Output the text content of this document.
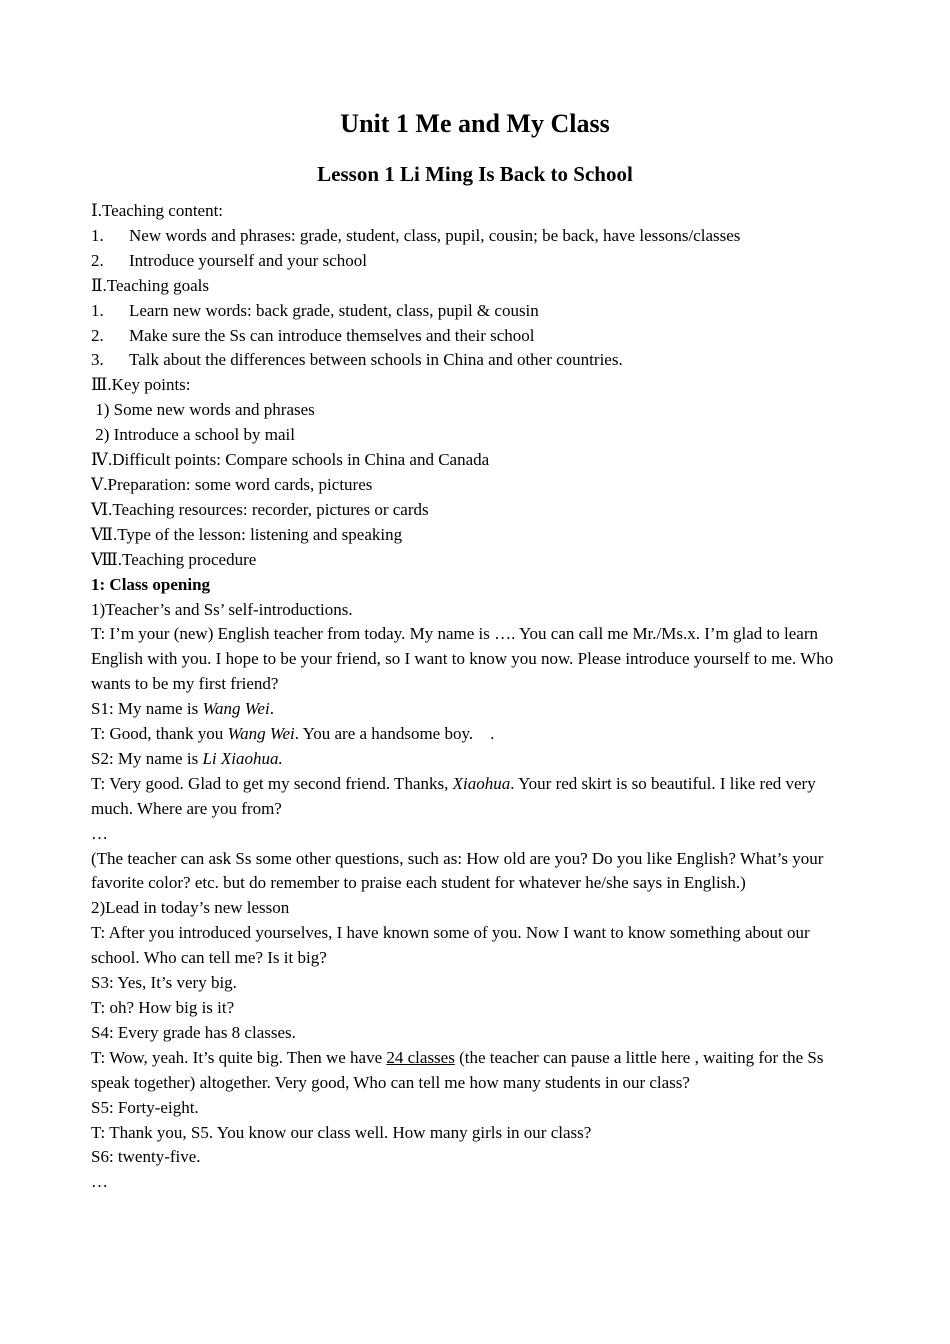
Unit 1 Me and My Class
Lesson 1 Li Ming Is Back to School
Ⅰ.Teaching content:
1. New words and phrases: grade, student, class, pupil, cousin; be back, have lessons/classes
2. Introduce yourself and your school
Ⅱ.Teaching goals
1. Learn new words: back grade, student, class, pupil & cousin
2. Make sure the Ss can introduce themselves and their school
3. Talk about the differences between schools in China and other countries.
Ⅲ.Key points:
1) Some new words and phrases
2) Introduce a school by mail
Ⅳ.Difficult points: Compare schools in China and Canada
Ⅴ.Preparation: some word cards, pictures
Ⅵ.Teaching resources: recorder, pictures or cards
Ⅶ.Type of the lesson: listening and speaking
Ⅷ.Teaching procedure
1: Class opening
1)Teacher’s and Ss’ self-introductions.
T: I’m your (new) English teacher from today. My name is …. You can call me Mr./Ms.x. I’m glad to learn English with you. I hope to be your friend, so I want to know you now. Please introduce yourself to me. Who wants to be my first friend?
S1: My name is Wang Wei.
T: Good, thank you Wang Wei. You are a handsome boy.    .
S2: My name is Li Xiaohua.
T: Very good. Glad to get my second friend. Thanks, Xiaohua. Your red skirt is so beautiful. I like red very much. Where are you from?
…
(The teacher can ask Ss some other questions, such as: How old are you? Do you like English? What’s your favorite color? etc. but do remember to praise each student for whatever he/she says in English.)
2)Lead in today’s new lesson
T: After you introduced yourselves, I have known some of you. Now I want to know something about our school. Who can tell me? Is it big?
S3: Yes, It’s very big.
T: oh? How big is it?
S4: Every grade has 8 classes.
T: Wow, yeah. It’s quite big. Then we have 24 classes (the teacher can pause a little here , waiting for the Ss speak together) altogether. Very good, Who can tell me how many students in our class?
S5: Forty-eight.
T: Thank you, S5. You know our class well. How many girls in our class?
S6: twenty-five.
…
